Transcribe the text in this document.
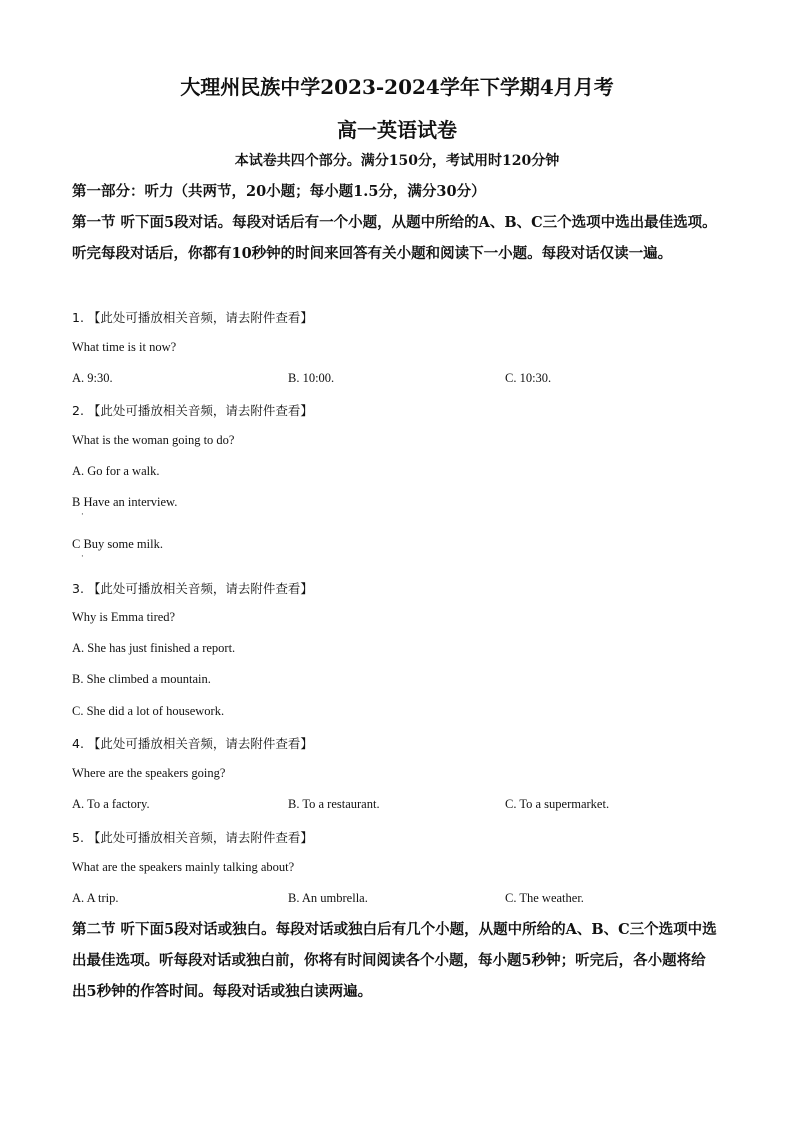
大理州民族中学2023-2024学年下学期4月月考
高一英语试卷
本试卷共四个部分。满分150分，考试用时120分钟
第一部分：听力（共两节，20小题；每小题1.5分，满分30分）
第一节 听下面5段对话。每段对话后有一个小题，从题中所给的A、B、C三个选项中选出最佳选项。听完每段对话后，你都有10秒钟的时间来回答有关小题和阅读下一小题。每段对话仅读一遍。
1. 【此处可播放相关音频，请去附件查看】
What time is it now?
A. 9:30.	B. 10:00.	C. 10:30.
2. 【此处可播放相关音频，请去附件查看】
What is the woman going to do?
A. Go for a walk.
B Have an interview.
·
C Buy some milk.
·
3. 【此处可播放相关音频，请去附件查看】
Why is Emma tired?
A. She has just finished a report.
B. She climbed a mountain.
C. She did a lot of housework.
4. 【此处可播放相关音频，请去附件查看】
Where are the speakers going?
A. To a factory.	B. To a restaurant.	C. To a supermarket.
5. 【此处可播放相关音频，请去附件查看】
What are the speakers mainly talking about?
A. A trip.	B. An umbrella.	C. The weather.
第二节 听下面5段对话或独白。每段对话或独白后有几个小题，从题中所给的A、B、C三个选项中选出最佳选项。听每段对话或独白前，你将有时间阅读各个小题，每小题5秒钟；听完后，各小题将给出5秒钟的作答时间。每段对话或独白读两遍。
